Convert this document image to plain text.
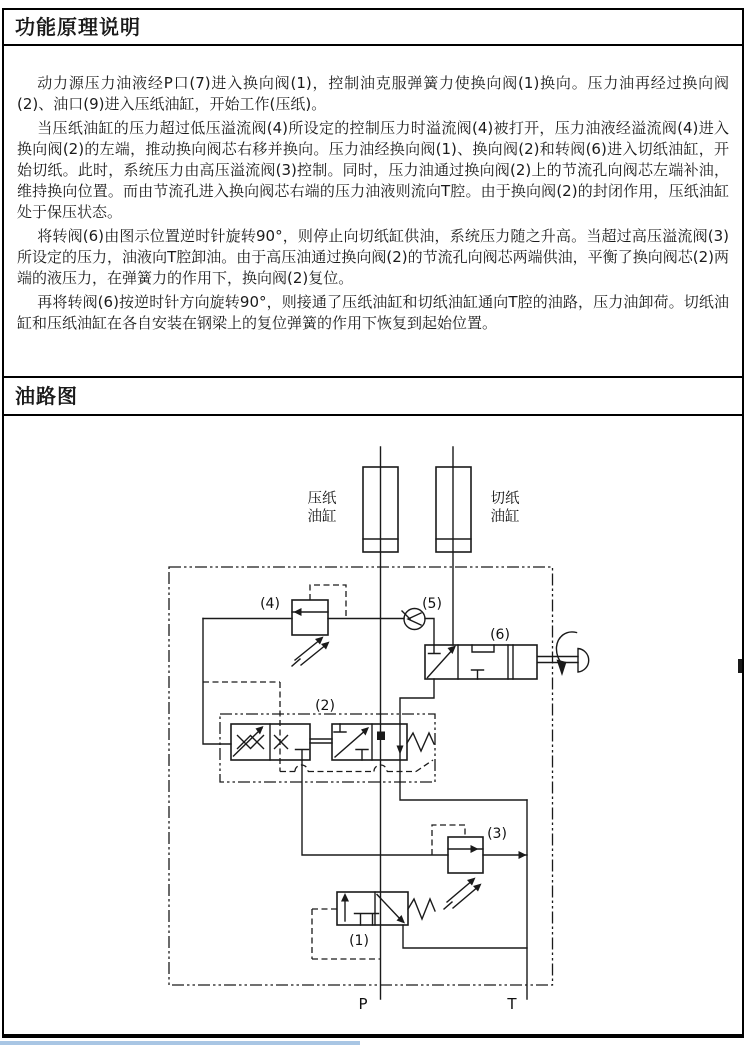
功能原理说明

动力源压力油液经P口(7)进入换向阀(1)，控制油克服弹簧力使换向阀(1)换向。压力油再经过换向阀(2)、油口(9)进入压纸油缸，开始工作(压纸)。

当压纸油缸的压力超过低压溢流阀(4)所设定的控制压力时溢流阀(4)被打开，压力油液经溢流阀(4)进入换向阀(2)的左端，推动换向阀芯右移并换向。压力油经换向阀(1)、换向阀(2)和转阀(6)进入切纸油缸，开始切纸。此时，系统压力由高压溢流阀(3)控制。同时，压力油通过换向阀(2)上的节流孔向阀芯左端补油，维持换向位置。而由节流孔进入换向阀芯右端的压力油液则流向T腔。由于换向阀(2)的封闭作用，压纸油缸处于保压状态。

将转阀(6)由图示位置逆时针旋转90°，则停止向切纸缸供油，系统压力随之升高。当超过高压溢流阀(3)所设定的压力，油液向T腔卸油。由于高压油通过换向阀(2)的节流孔向阀芯两端供油，平衡了换向阀芯(2)两端的液压力，在弹簧力的作用下，换向阀(2)复位。

再将转阀(6)按逆时针方向旋转90°，则接通了压纸油缸和切纸油缸通向T腔的油路，压力油卸荷。切纸油缸和压纸油缸在各自安装在钢梁上的复位弹簧的作用下恢复到起始位置。

油路图
压纸
油缸
切纸
油缸
(4)	(5)
(6)
(2)
(3)
(1)
P	T
